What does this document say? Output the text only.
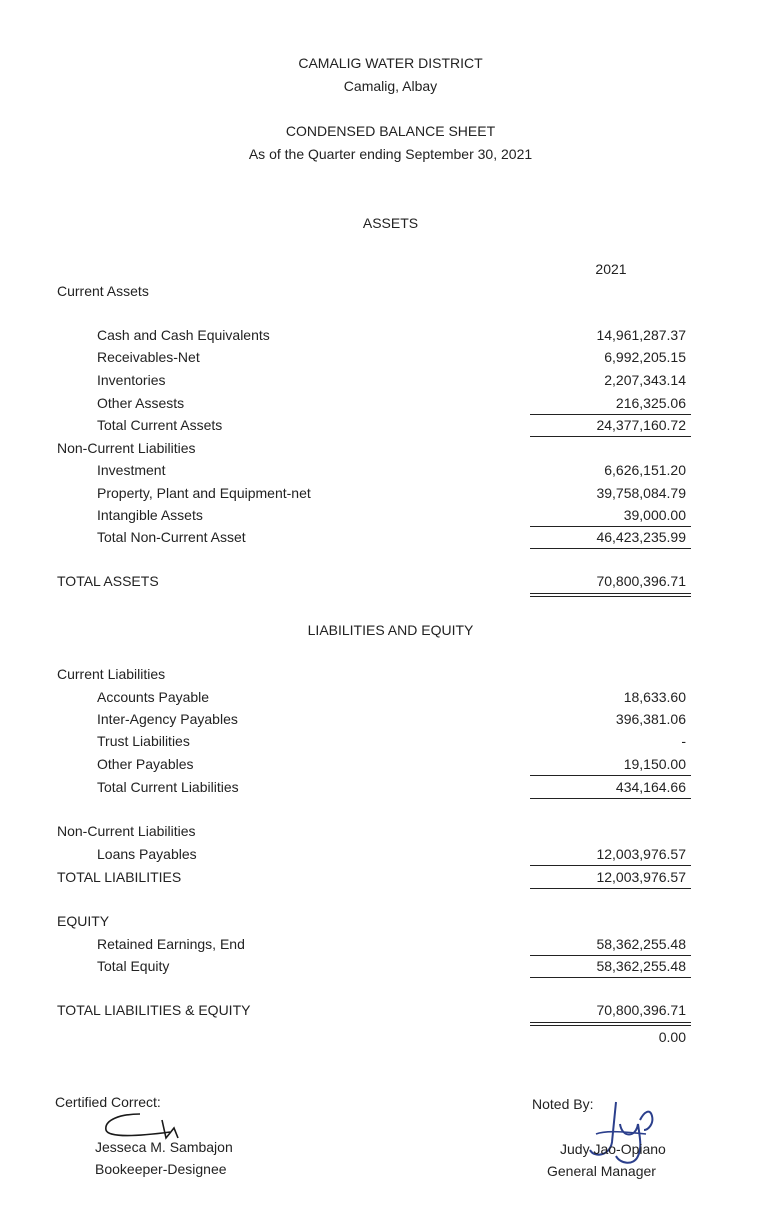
CAMALIG WATER DISTRICT
Camalig, Albay
CONDENSED BALANCE SHEET
As of the Quarter ending September 30, 2021
ASSETS
2021
Current Assets
Cash and Cash Equivalents	14,961,287.37
Receivables-Net	6,992,205.15
Inventories	2,207,343.14
Other Assests	216,325.06
Total Current Assets	24,377,160.72
Non-Current Liabilities
Investment	6,626,151.20
Property, Plant and Equipment-net	39,758,084.79
Intangible Assets	39,000.00
Total Non-Current Asset	46,423,235.99
TOTAL ASSETS	70,800,396.71
LIABILITIES AND EQUITY
Current Liabilities
Accounts Payable	18,633.60
Inter-Agency Payables	396,381.06
Trust Liabilities	-
Other Payables	19,150.00
Total Current Liabilities	434,164.66
Non-Current Liabilities
Loans Payables	12,003,976.57
TOTAL LIABILITIES	12,003,976.57
EQUITY
Retained Earnings, End	58,362,255.48
Total Equity	58,362,255.48
TOTAL LIABILITIES & EQUITY	70,800,396.71
0.00
Certified Correct:
Jesseca M. Sambajon
Bookeeper-Designee
Noted By:
Judy Jao-Opiano
General Manager
